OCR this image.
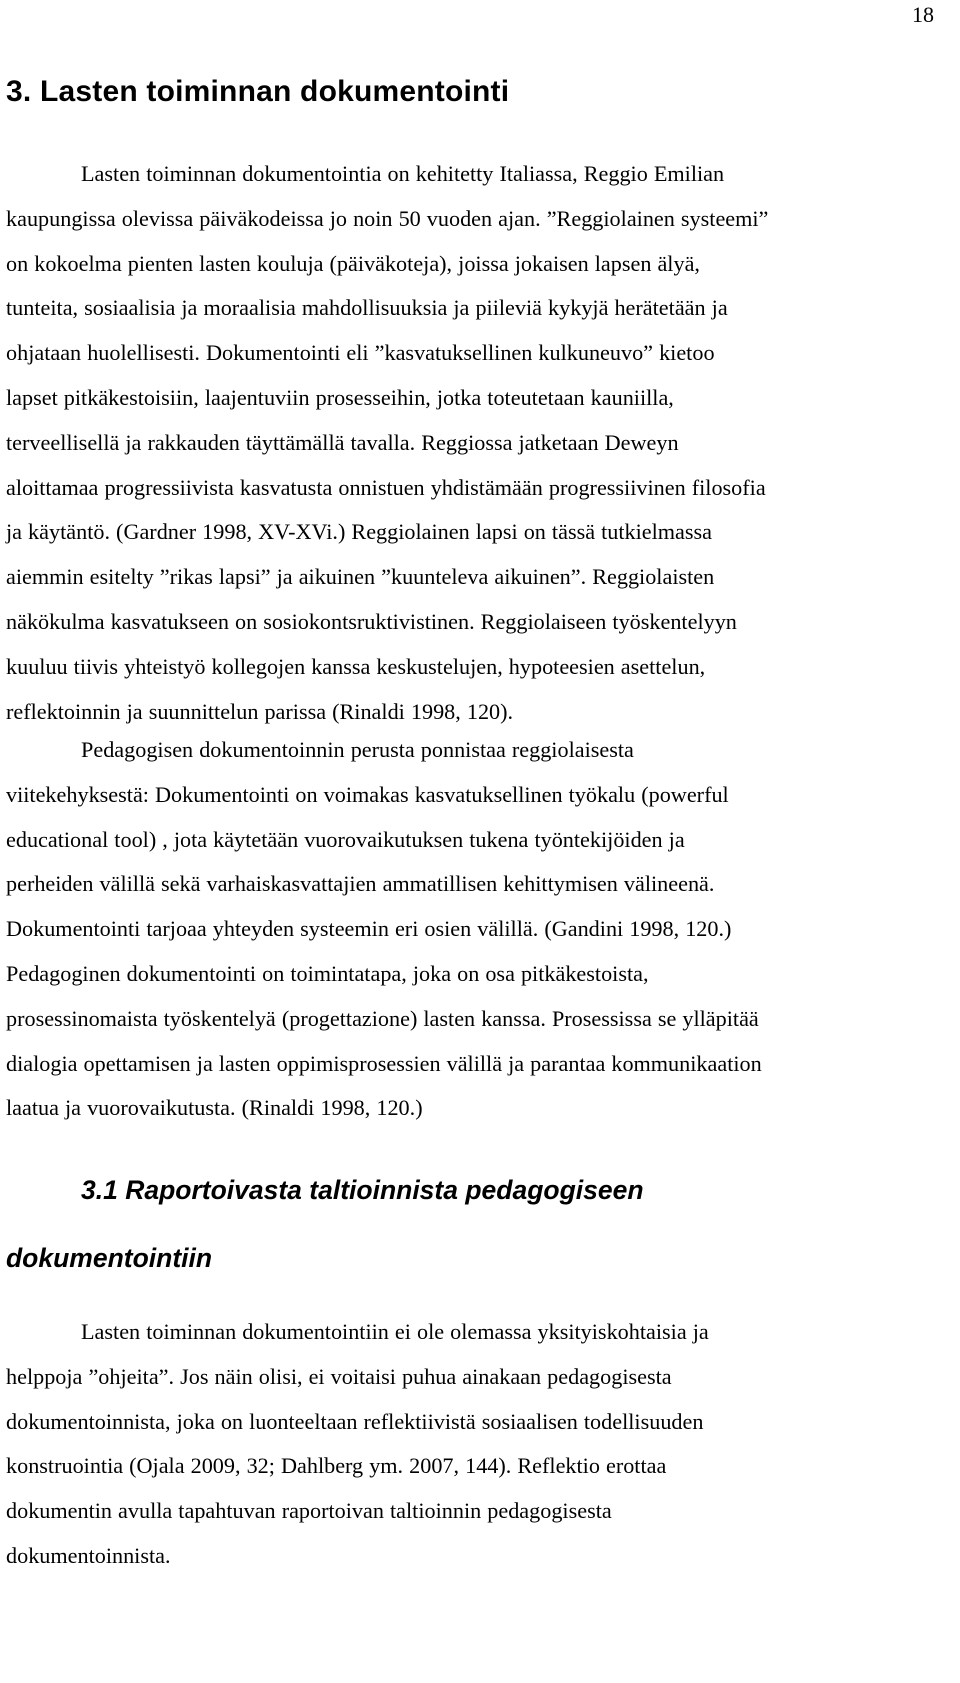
18
3. Lasten toiminnan dokumentointi

Lasten toiminnan dokumentointia on kehitetty Italiassa, Reggio Emilian
kaupungissa olevissa päiväkodeissa jo noin 50 vuoden ajan. ”Reggiolainen systeemi”
on kokoelma pienten lasten kouluja (päiväkoteja), joissa jokaisen lapsen älyä,
tunteita, sosiaalisia ja moraalisia mahdollisuuksia ja piileviä kykyjä herätetään ja
ohjataan huolellisesti. Dokumentointi eli ”kasvatuksellinen kulkuneuvo” kietoo
lapset pitkäkestoisiin, laajentuviin prosesseihin, jotka toteutetaan kauniilla,
terveellisellä ja rakkauden täyttämällä tavalla. Reggiossa jatketaan Deweyn
aloittamaa progressiivista kasvatusta onnistuen yhdistämään progressiivinen filosofia
ja käytäntö. (Gardner 1998, XV-XVi.) Reggiolainen lapsi on tässä tutkielmassa
aiemmin esitelty ”rikas lapsi” ja aikuinen ”kuunteleva aikuinen”. Reggiolaisten
näkökulma kasvatukseen on sosiokontsruktivistinen. Reggiolaiseen työskentelyyn
kuuluu tiivis yhteistyö kollegojen kanssa keskustelujen, hypoteesien asettelun,
reflektoinnin ja suunnittelun parissa (Rinaldi 1998, 120).

Pedagogisen dokumentoinnin perusta ponnistaa reggiolaisesta
viitekehyksestä: Dokumentointi on voimakas kasvatuksellinen työkalu (powerful
educational tool) , jota käytetään vuorovaikutuksen tukena työntekijöiden ja
perheiden välillä sekä varhaiskasvattajien ammatillisen kehittymisen välineenä.
Dokumentointi tarjoaa yhteyden systeemin eri osien välillä. (Gandini 1998, 120.)
Pedagoginen dokumentointi on toimintatapa, joka on osa pitkäkestoista,
prosessinomaista työskentelyä (progettazione) lasten kanssa. Prosessissa se ylläpitää
dialogia opettamisen ja lasten oppimisprosessien välillä ja parantaa kommunikaation
laatua ja vuorovaikutusta. (Rinaldi 1998, 120.)

3.1 Raportoivasta taltioinnista pedagogiseen
dokumentointiin

Lasten toiminnan dokumentointiin ei ole olemassa yksityiskohtaisia ja
helppoja ”ohjeita”. Jos näin olisi, ei voitaisi puhua ainakaan pedagogisesta
dokumentoinnista, joka on luonteeltaan reflektiivistä sosiaalisen todellisuuden
konstruointia (Ojala 2009, 32; Dahlberg ym. 2007, 144). Reflektio erottaa
dokumentin avulla tapahtuvan raportoivan taltioinnin pedagogisesta
dokumentoinnista.
